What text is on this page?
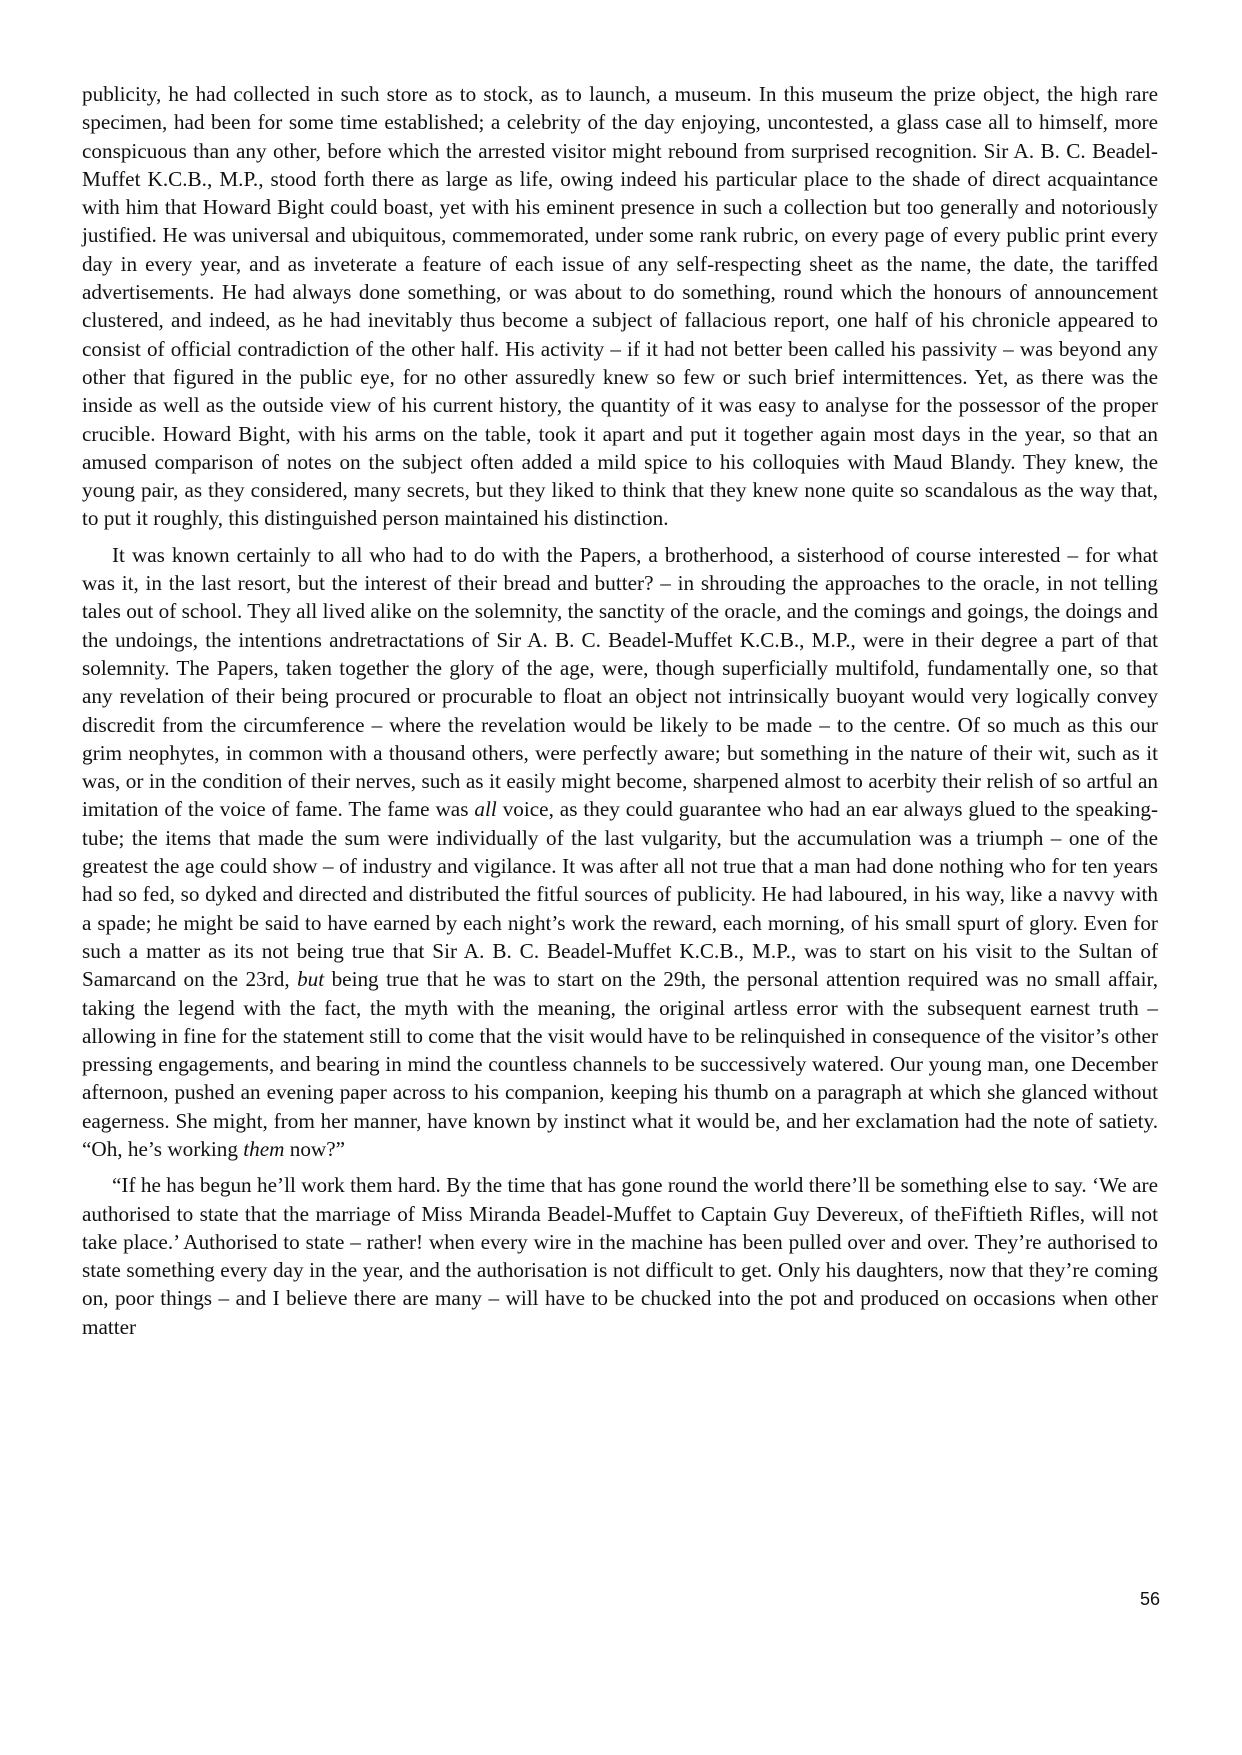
publicity, he had collected in such store as to stock, as to launch, a museum. In this museum the prize object, the high rare specimen, had been for some time established; a celebrity of the day enjoying, uncontested, a glass case all to himself, more conspicuous than any other, before which the arrested visitor might rebound from surprised recognition. Sir A. B. C. Beadel-Muffet K.C.B., M.P., stood forth there as large as life, owing indeed his particular place to the shade of direct acquaintance with him that Howard Bight could boast, yet with his eminent presence in such a collection but too generally and notoriously justified. He was universal and ubiquitous, commemorated, under some rank rubric, on every page of every public print every day in every year, and as inveterate a feature of each issue of any self-respecting sheet as the name, the date, the tariffed advertisements. He had always done something, or was about to do something, round which the honours of announcement clustered, and indeed, as he had inevitably thus become a subject of fallacious report, one half of his chronicle appeared to consist of official contradiction of the other half. His activity – if it had not better been called his passivity – was beyond any other that figured in the public eye, for no other assuredly knew so few or such brief intermittences. Yet, as there was the inside as well as the outside view of his current history, the quantity of it was easy to analyse for the possessor of the proper crucible. Howard Bight, with his arms on the table, took it apart and put it together again most days in the year, so that an amused comparison of notes on the subject often added a mild spice to his colloquies with Maud Blandy. They knew, the young pair, as they considered, many secrets, but they liked to think that they knew none quite so scandalous as the way that, to put it roughly, this distinguished person maintained his distinction.

It was known certainly to all who had to do with the Papers, a brotherhood, a sisterhood of course interested – for what was it, in the last resort, but the interest of their bread and butter? – in shrouding the approaches to the oracle, in not telling tales out of school. They all lived alike on the solemnity, the sanctity of the oracle, and the comings and goings, the doings and the undoings, the intentions andretractations of Sir A. B. C. Beadel-Muffet K.C.B., M.P., were in their degree a part of that solemnity. The Papers, taken together the glory of the age, were, though superficially multifold, fundamentally one, so that any revelation of their being procured or procurable to float an object not intrinsically buoyant would very logically convey discredit from the circumference – where the revelation would be likely to be made – to the centre. Of so much as this our grim neophytes, in common with a thousand others, were perfectly aware; but something in the nature of their wit, such as it was, or in the condition of their nerves, such as it easily might become, sharpened almost to acerbity their relish of so artful an imitation of the voice of fame. The fame was all voice, as they could guarantee who had an ear always glued to the speaking-tube; the items that made the sum were individually of the last vulgarity, but the accumulation was a triumph – one of the greatest the age could show – of industry and vigilance. It was after all not true that a man had done nothing who for ten years had so fed, so dyked and directed and distributed the fitful sources of publicity. He had laboured, in his way, like a navvy with a spade; he might be said to have earned by each night’s work the reward, each morning, of his small spurt of glory. Even for such a matter as its not being true that Sir A. B. C. Beadel-Muffet K.C.B., M.P., was to start on his visit to the Sultan of Samarcand on the 23rd, but being true that he was to start on the 29th, the personal attention required was no small affair, taking the legend with the fact, the myth with the meaning, the original artless error with the subsequent earnest truth – allowing in fine for the statement still to come that the visit would have to be relinquished in consequence of the visitor’s other pressing engagements, and bearing in mind the countless channels to be successively watered. Our young man, one December afternoon, pushed an evening paper across to his companion, keeping his thumb on a paragraph at which she glanced without eagerness. She might, from her manner, have known by instinct what it would be, and her exclamation had the note of satiety. “Oh, he’s working them now?”

“If he has begun he’ll work them hard. By the time that has gone round the world there’ll be something else to say. ‘We are authorised to state that the marriage of Miss Miranda Beadel-Muffet to Captain Guy Devereux, of theFiftieth Rifles, will not take place.’ Authorised to state – rather! when every wire in the machine has been pulled over and over. They’re authorised to state something every day in the year, and the authorisation is not difficult to get. Only his daughters, now that they’re coming on, poor things – and I believe there are many – will have to be chucked into the pot and produced on occasions when other matter

56
